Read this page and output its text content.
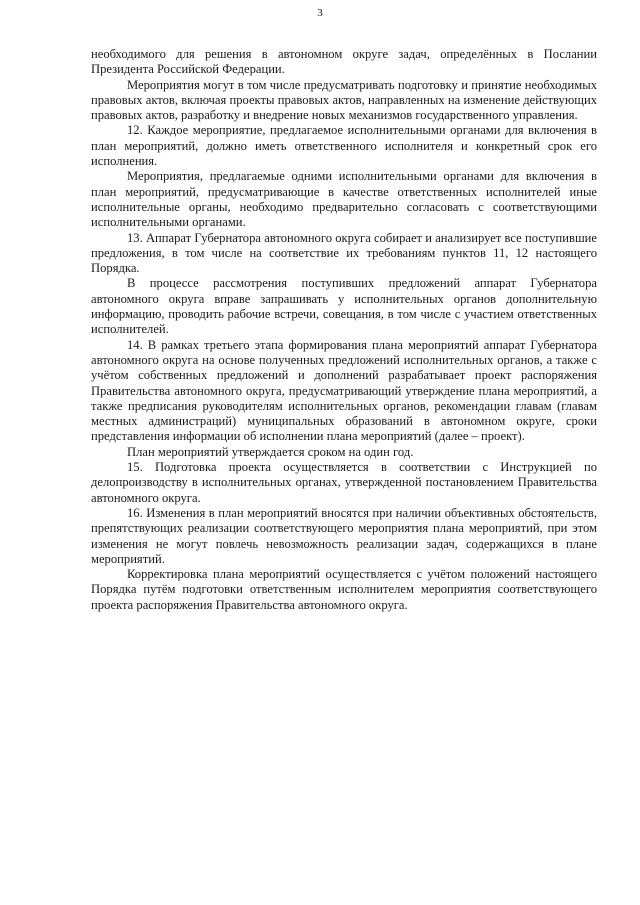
3

необходимого для решения в автономном округе задач, определённых в Послании Президента Российской Федерации.

Мероприятия могут в том числе предусматривать подготовку и принятие необходимых правовых актов, включая проекты правовых актов, направленных на изменение действующих правовых актов, разработку и внедрение новых механизмов государственного управления.

12. Каждое мероприятие, предлагаемое исполнительными органами для включения в план мероприятий, должно иметь ответственного исполнителя и конкретный срок его исполнения.

Мероприятия, предлагаемые одними исполнительными органами для включения в план мероприятий, предусматривающие в качестве ответственных исполнителей иные исполнительные органы, необходимо предварительно согласовать с соответствующими исполнительными органами.

13. Аппарат Губернатора автономного округа собирает и анализирует все поступившие предложения, в том числе на соответствие их требованиям пунктов 11, 12 настоящего Порядка.

В процессе рассмотрения поступивших предложений аппарат Губернатора автономного округа вправе запрашивать у исполнительных органов дополнительную информацию, проводить рабочие встречи, совещания, в том числе с участием ответственных исполнителей.

14. В рамках третьего этапа формирования плана мероприятий аппарат Губернатора автономного округа на основе полученных предложений исполнительных органов, а также с учётом собственных предложений и дополнений разрабатывает проект распоряжения Правительства автономного округа, предусматривающий утверждение плана мероприятий, а также предписания руководителям исполнительных органов, рекомендации главам (главам местных администраций) муниципальных образований в автономном округе, сроки представления информации об исполнении плана мероприятий (далее – проект).

План мероприятий утверждается сроком на один год.

15. Подготовка проекта осуществляется в соответствии с Инструкцией по делопроизводству в исполнительных органах, утвержденной постановлением Правительства автономного округа.

16. Изменения в план мероприятий вносятся при наличии объективных обстоятельств, препятствующих реализации соответствующего мероприятия плана мероприятий, при этом изменения не могут повлечь невозможность реализации задач, содержащихся в плане мероприятий.

Корректировка плана мероприятий осуществляется с учётом положений настоящего Порядка путём подготовки ответственным исполнителем мероприятия соответствующего проекта распоряжения Правительства автономного округа.
